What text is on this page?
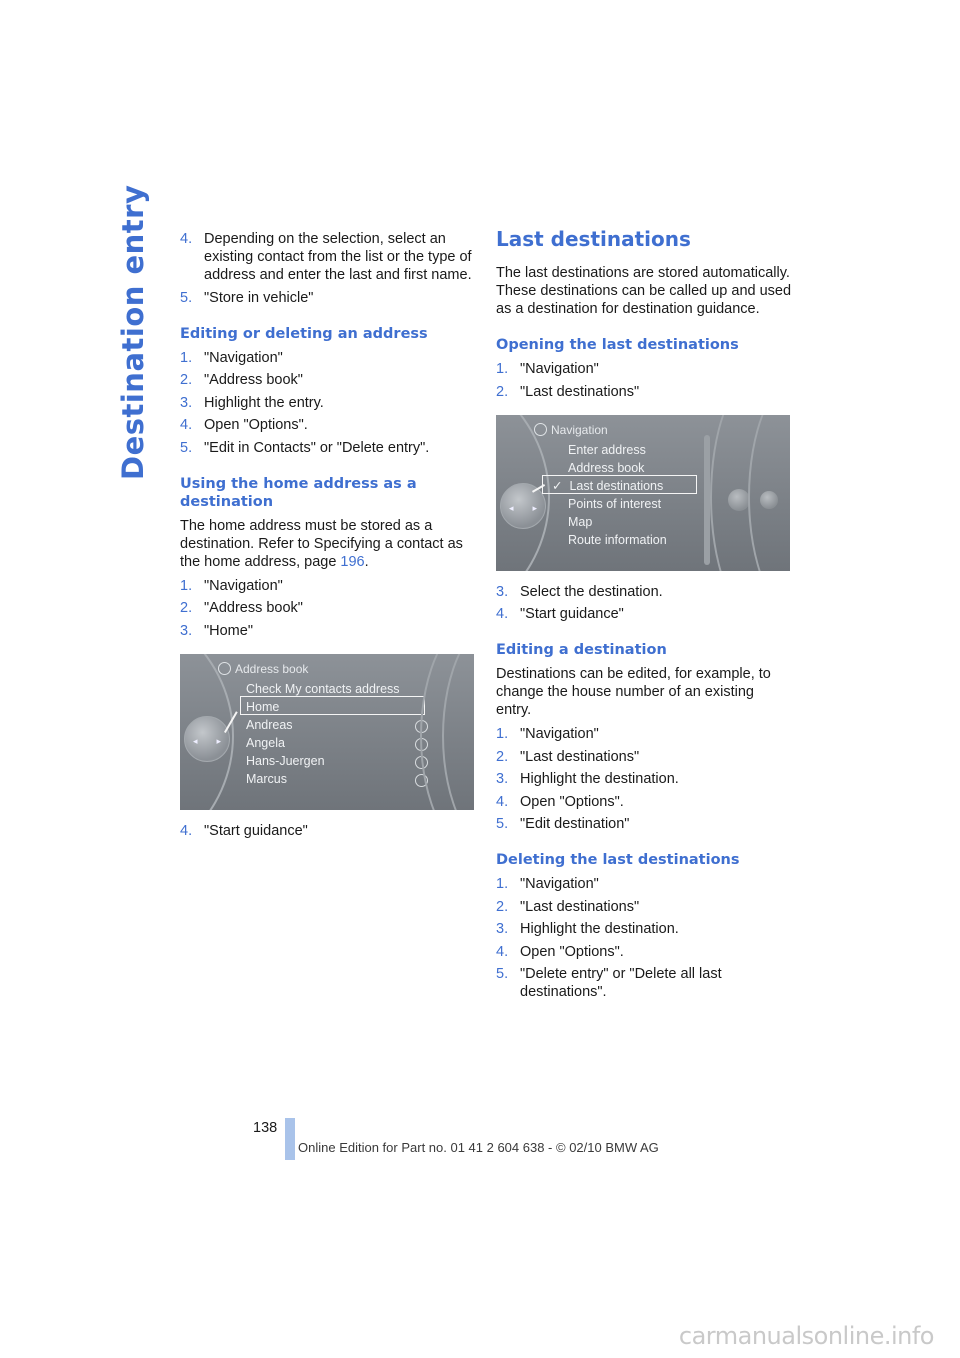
Destination entry	4. Depending on the selection, select an existing contact from the list or the type of address and enter the last and first name.
5. "Store in vehicle"
Editing or deleting an address
1. "Navigation"
2. "Address book"
3. Highlight the entry.
4. Open "Options".
5. "Edit in Contacts" or "Delete entry".
Using the home address as a destination

The home address must be stored as a destination. Refer to Specifying a contact as the home address, page 196.

1. "Navigation"
2. "Address book"
3. "Home"
Address book
◂ ▸
Check My contacts address
Home
Andreas
Angela
Hans-Juergen
Marcus
4. "Start guidance"
Last destinations

The last destinations are stored automatically. These destinations can be called up and used as a destination for destination guidance.

Opening the last destinations
1. "Navigation"
2. "Last destinations"
Navigation
◂ ▸
Enter address
Address book
✓ Last destinations
Points of interest
Map
Route information
3. Select the destination.
4. "Start guidance"
Editing a destination

Destinations can be edited, for example, to change the house number of an existing entry.

1. "Navigation"
2. "Last destinations"
3. Highlight the destination.
4. Open "Options".
5. "Edit destination"
Deleting the last destinations
1. "Navigation"
2. "Last destinations"
3. Highlight the destination.
4. Open "Options".
5. "Delete entry" or "Delete all last destinations".
138
Online Edition for Part no. 01 41 2 604 638 - © 02/10 BMW AG
carmanualsonline.info
